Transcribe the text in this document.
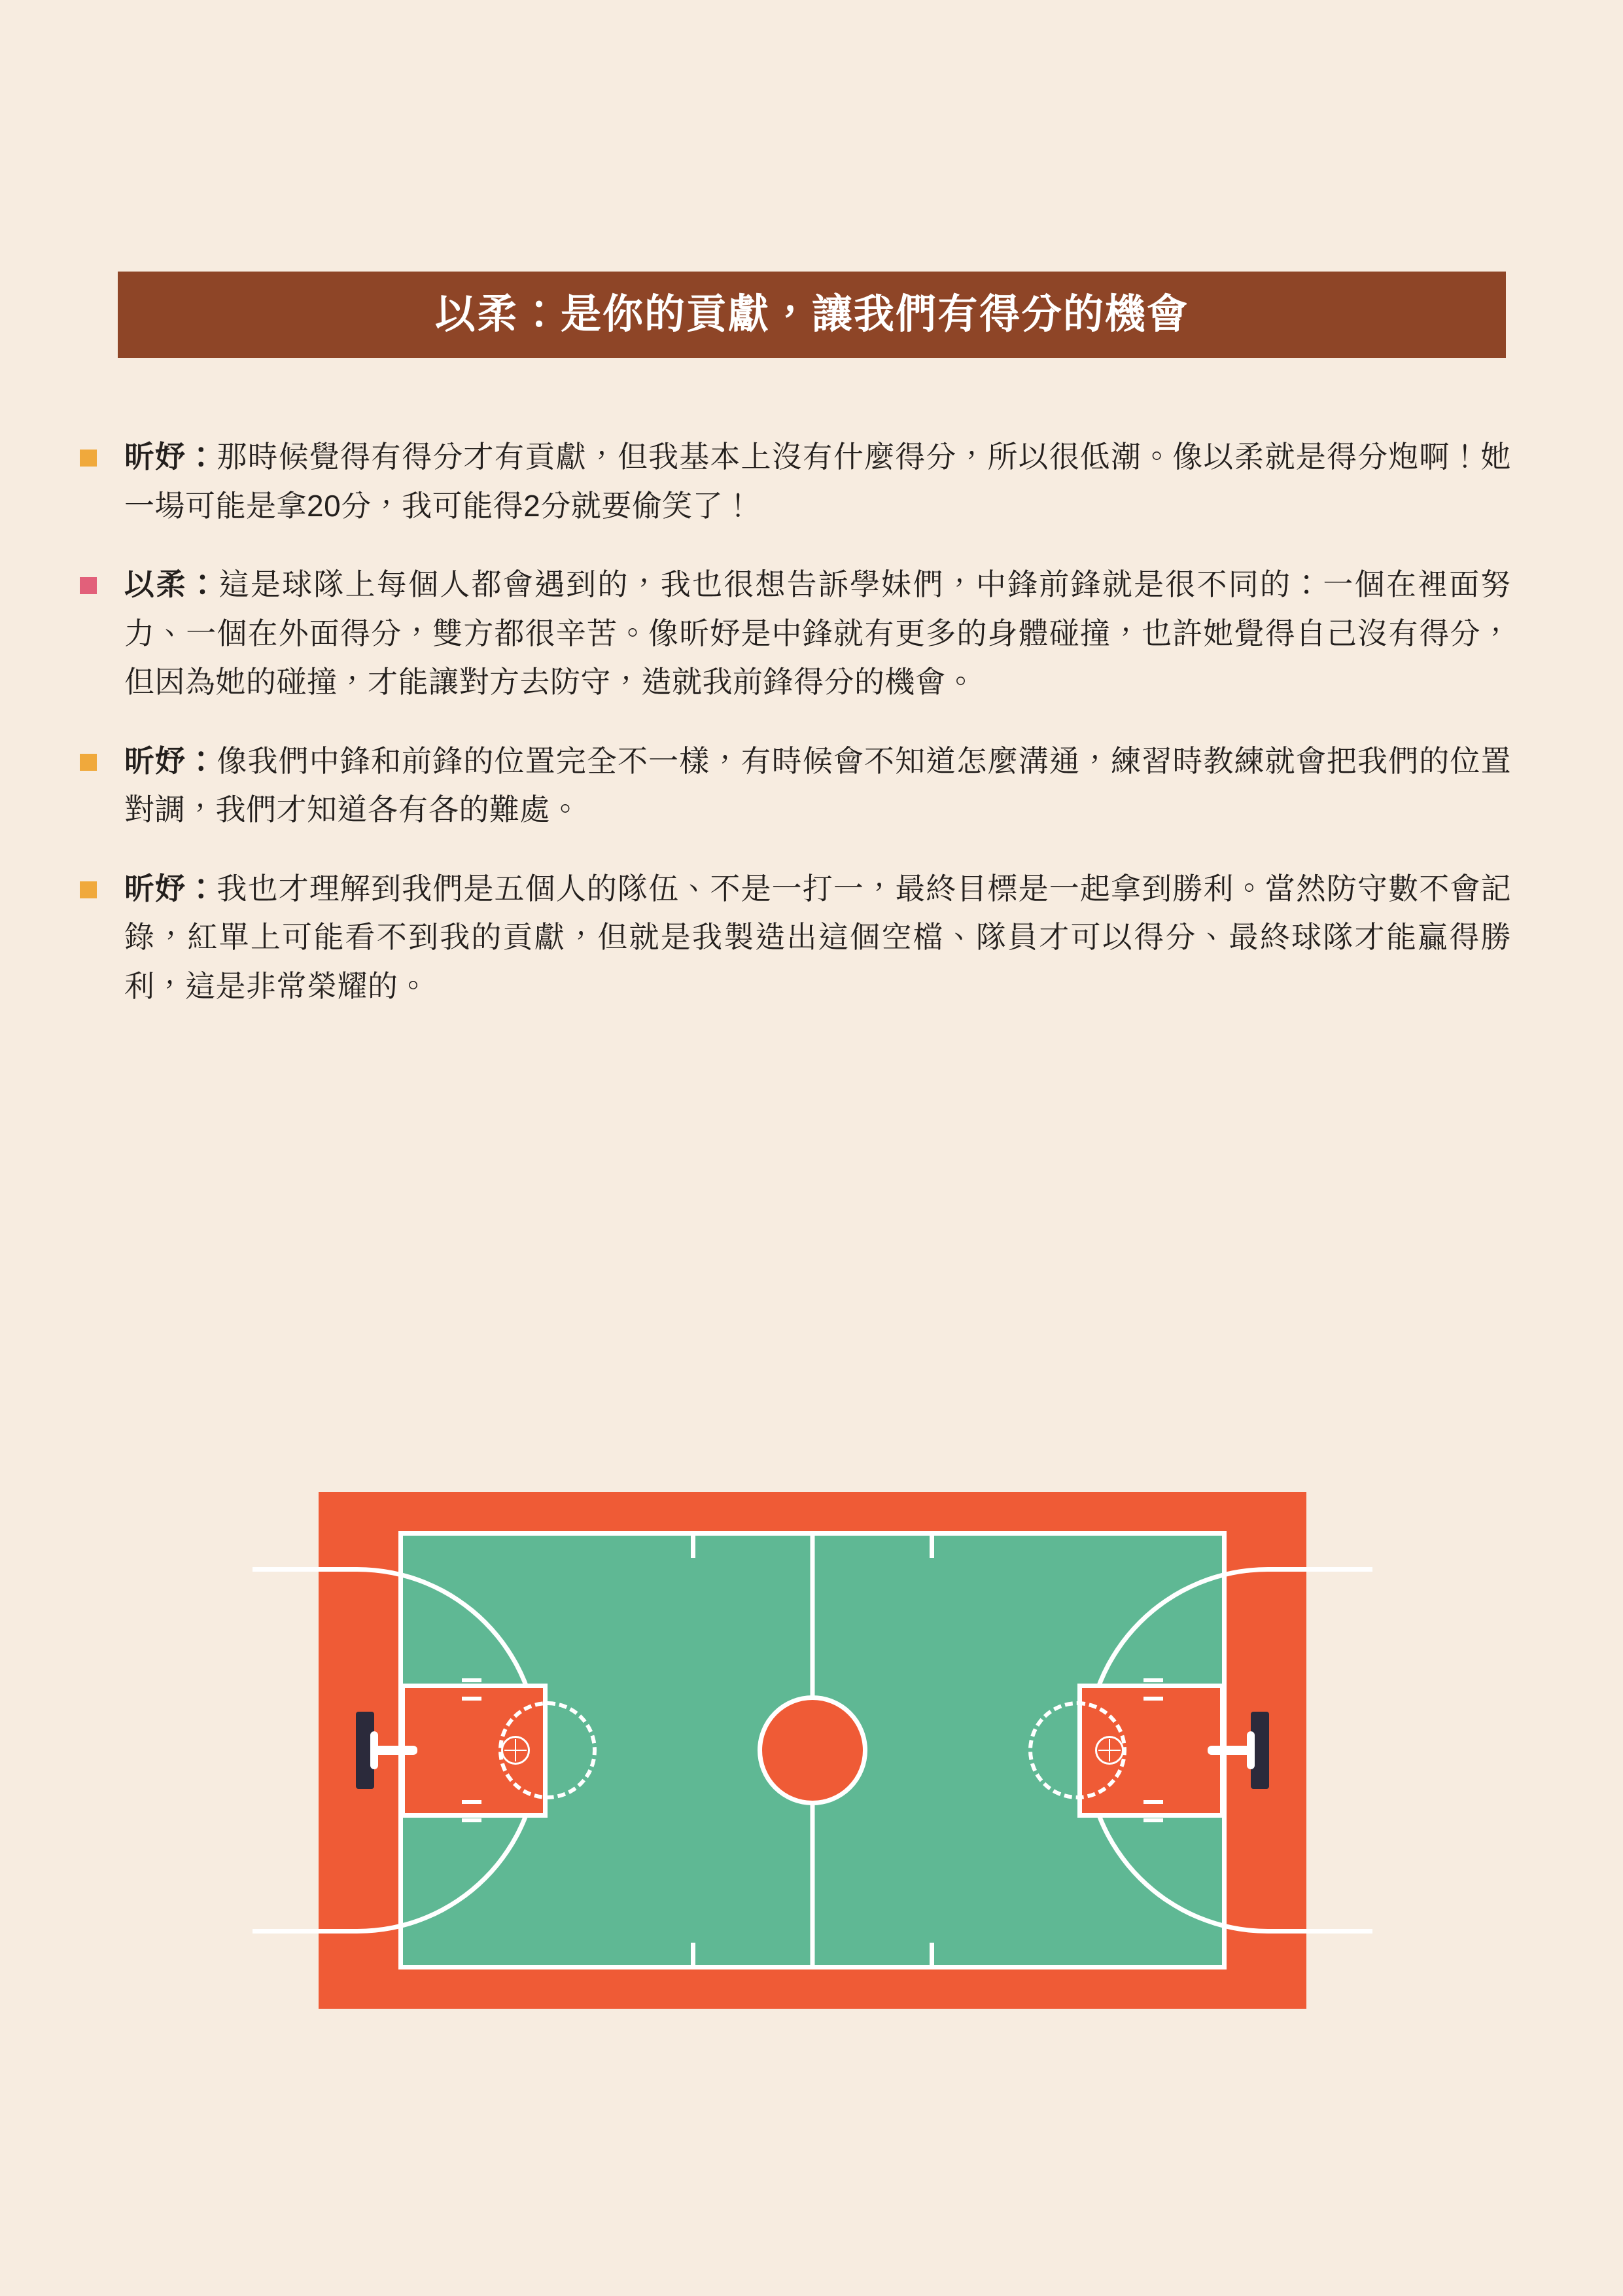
以柔：是你的貢獻，讓我們有得分的機會

昕妤：那時候覺得有得分才有貢獻，但我基本上沒有什麼得分，所以很低潮。像以柔就是得分炮啊！她一場可能是拿20分，我可能得2分就要偷笑了！

以柔：這是球隊上每個人都會遇到的，我也很想告訴學妹們，中鋒前鋒就是很不同的：一個在裡面努力、一個在外面得分，雙方都很辛苦。像昕妤是中鋒就有更多的身體碰撞，也許她覺得自己沒有得分，但因為她的碰撞，才能讓對方去防守，造就我前鋒得分的機會。

昕妤：像我們中鋒和前鋒的位置完全不一樣，有時候會不知道怎麼溝通，練習時教練就會把我們的位置對調，我們才知道各有各的難處。

昕妤：我也才理解到我們是五個人的隊伍、不是一打一，最終目標是一起拿到勝利。當然防守數不會記錄，紅單上可能看不到我的貢獻，但就是我製造出這個空檔、隊員才可以得分、最終球隊才能贏得勝利，這是非常榮耀的。
